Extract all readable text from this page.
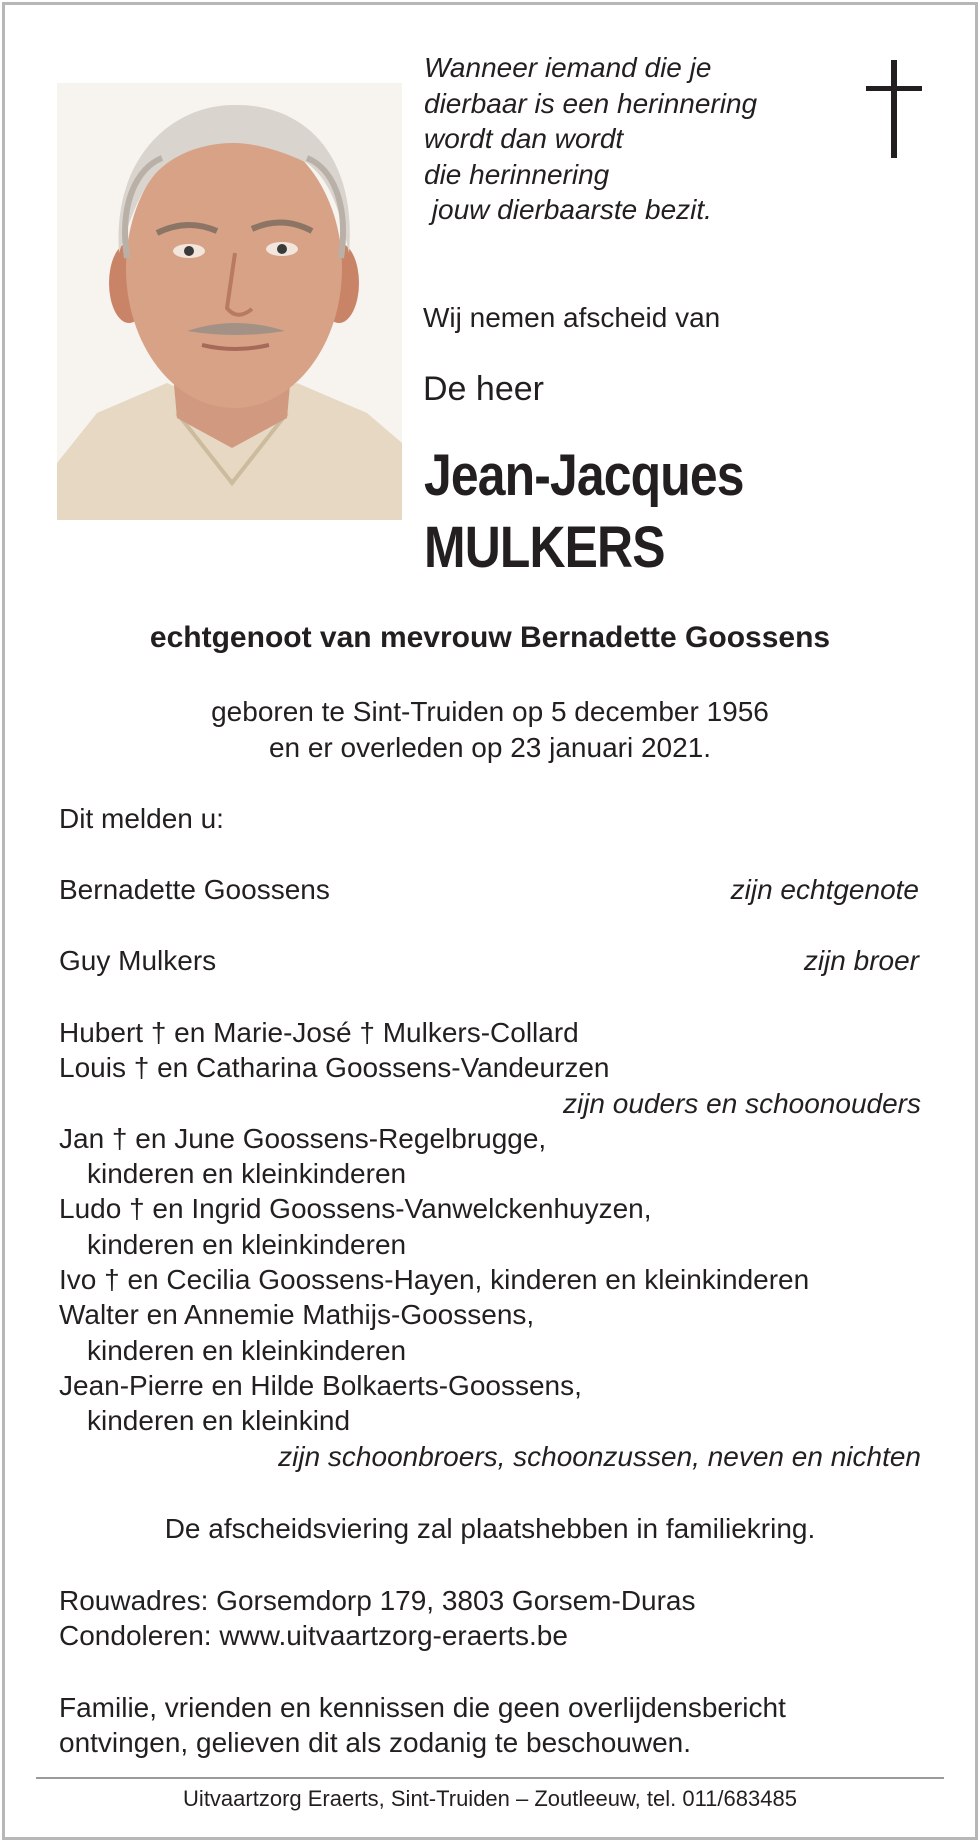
Wanneer iemand die je
dierbaar is een herinnering
wordt dan wordt
die herinnering
jouw dierbaarste bezit.
Wij nemen afscheid van
De heer
Jean-Jacques
MULKERS
echtgenoot van mevrouw Bernadette Goossens
geboren te Sint-Truiden op 5 december 1956
en er overleden op 23 januari 2021.
Dit melden u:
Bernadette Goossens	zijn echtgenote
Guy Mulkers	zijn broer
Hubert † en Marie-José † Mulkers-Collard
Louis † en Catharina Goossens-Vandeurzen
zijn ouders en schoonouders
Jan † en June Goossens-Regelbrugge,
kinderen en kleinkinderen
Ludo † en Ingrid Goossens-Vanwelckenhuyzen,
kinderen en kleinkinderen
Ivo † en Cecilia Goossens-Hayen, kinderen en kleinkinderen
Walter en Annemie Mathijs-Goossens,
kinderen en kleinkinderen
Jean-Pierre en Hilde Bolkaerts-Goossens,
kinderen en kleinkind
zijn schoonbroers, schoonzussen, neven en nichten
De afscheidsviering zal plaatshebben in familiekring.
Rouwadres: Gorsemdorp 179, 3803 Gorsem-Duras
Condoleren: www.uitvaartzorg-eraerts.be
Familie, vrienden en kennissen die geen overlijdensbericht
ontvingen, gelieven dit als zodanig te beschouwen.
Uitvaartzorg Eraerts, Sint-Truiden – Zoutleeuw, tel. 011/683485
